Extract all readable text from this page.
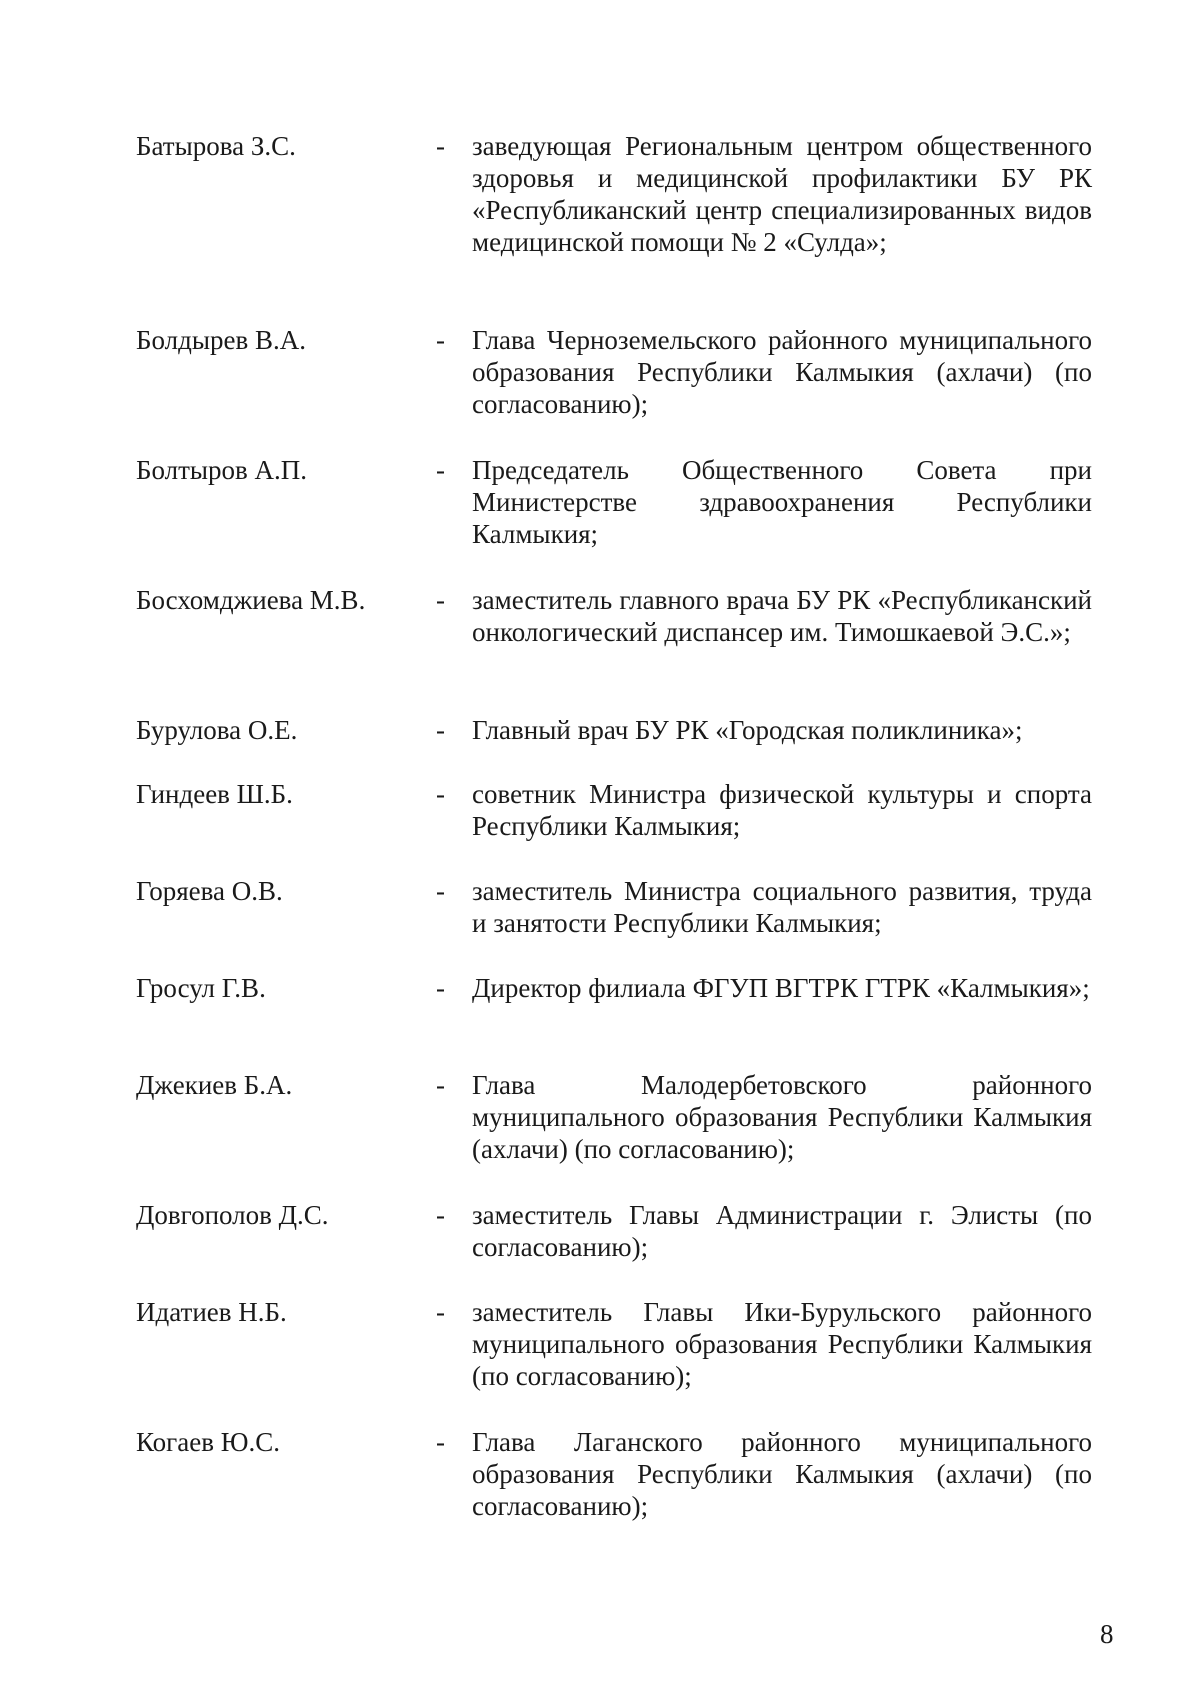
Батырова З.С.	- заведующая Региональным центром общественного здоровья и медицинской профилактики БУ РК «Республиканский центр специализированных видов медицинской помощи № 2 «Сулда»;
Болдырев В.А.	- Глава Черноземельского районного муниципального образования Республики Калмыкия (ахлачи) (по согласованию);
Болтыров А.П.	- Председатель Общественного Совета при Министерстве здравоохранения Республики Калмыкия;
Босхомджиева М.В.	- заместитель главного врача БУ РК «Республиканский онкологический диспансер им. Тимошкаевой Э.С.»;
Бурулова О.Е.	- Главный врач БУ РК «Городская поликлиника»;
Гиндеев Ш.Б.	- советник Министра физической культуры и спорта Республики Калмыкия;
Горяева О.В.	- заместитель Министра социального развития, труда и занятости Республики Калмыкия;
Гросул Г.В.	- Директор филиала ФГУП ВГТРК ГТРК «Калмыкия»;
Джекиев Б.А.	- Глава Малодербетовского районного муниципального образования Республики Калмыкия (ахлачи) (по согласованию);
Довгополов Д.С.	- заместитель Главы Администрации г. Элисты (по согласованию);
Идатиев Н.Б.	- заместитель Главы Ики-Бурульского районного муниципального образования Республики Калмыкия (по согласованию);
Когаев Ю.С.	- Глава Лаганского районного муниципального образования Республики Калмыкия (ахлачи) (по согласованию);
8
